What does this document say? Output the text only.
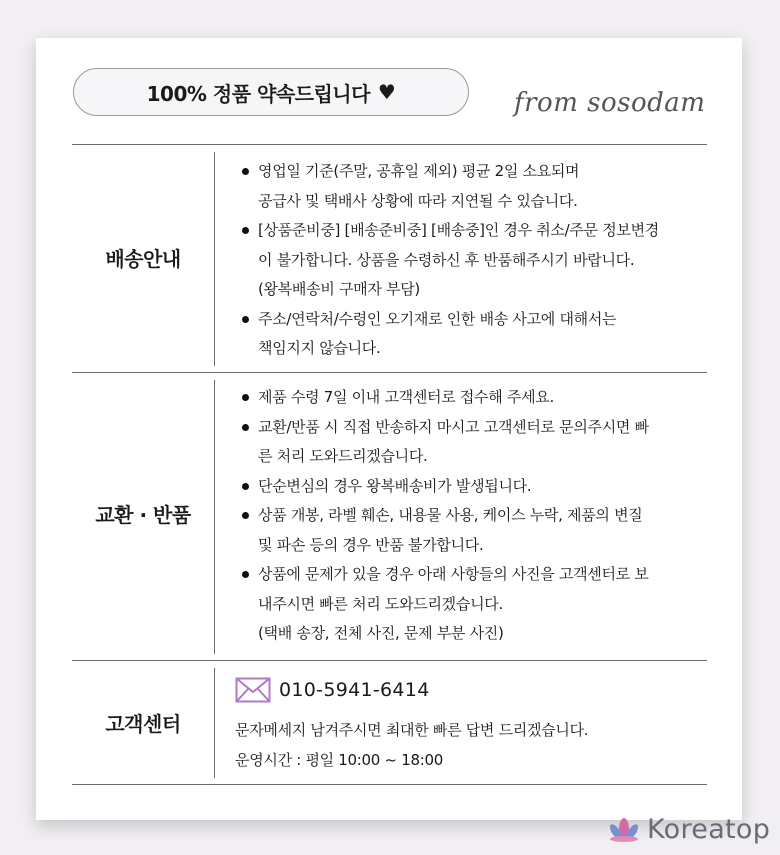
100% 정품 약속드립니다 ♥	from sosodam
배송안내
영업일 기준(주말, 공휴일 제외) 평균 2일 소요되며
공급사 및 택배사 상황에 따라 지연될 수 있습니다.
[상품준비중] [배송준비중] [배송중]인 경우 취소/주문 정보변경
이 불가합니다. 상품을 수령하신 후 반품해주시기 바랍니다.
(왕복배송비 구매자 부담)
주소/연락처/수령인 오기재로 인한 배송 사고에 대해서는
책임지지 않습니다.
교환 · 반품
제품 수령 7일 이내 고객센터로 접수해 주세요.
교환/반품 시 직접 반송하지 마시고 고객센터로 문의주시면 빠
른 처리 도와드리겠습니다.
단순변심의 경우 왕복배송비가 발생됩니다.
상품 개봉, 라벨 훼손, 내용물 사용, 케이스 누락, 제품의 변질
및 파손 등의 경우 반품 불가합니다.
상품에 문제가 있을 경우 아래 사항들의 사진을 고객센터로 보
내주시면 빠른 처리 도와드리겠습니다.
(택배 송장, 전체 사진, 문제 부분 사진)
고객센터
010-5941-6414
문자메세지 남겨주시면 최대한 빠른 답변 드리겠습니다.
운영시간 : 평일 10:00 ~ 18:00
Koreatop
